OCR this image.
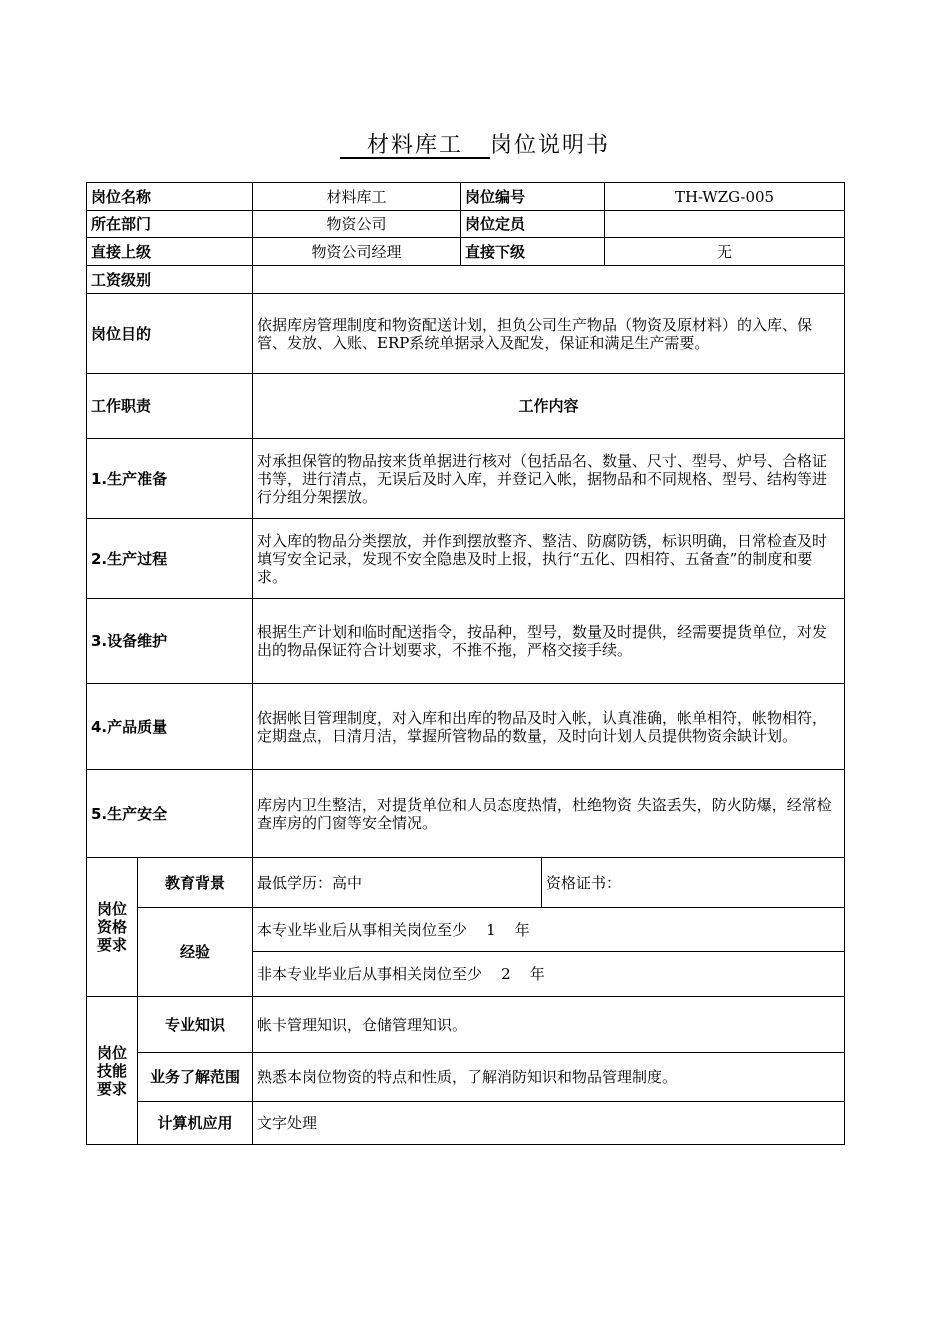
材料库工 岗位说明书
岗位名称		材料库工	岗位编号		TH-WZG-005
所在部门		物资公司	岗位定员		
直接上级		物资公司经理	直接下级		无
工资级别					
岗位目的		依据库房管理制度和物资配送计划，担负公司生产物品（物资及原材料）的入库、保管、发放、入账、ERP系统单据录入及配发，保证和满足生产需要。			
工作职责		工作内容			
1.生产准备		对承担保管的物品按来货单据进行核对（包括品名、数量、尺寸、型号、炉号、合格证书等，进行清点，无误后及时入库，并登记入帐，据物品和不同规格、型号、结构等进行分组分架摆放。			
2.生产过程		对入库的物品分类摆放，并作到摆放整齐、整洁、防腐防锈，标识明确，日常检查及时填写安全记录，发现不安全隐患及时上报，执行“五化、四相符、五备查”的制度和要求。			
3.设备维护		根据生产计划和临时配送指令，按品种，型号，数量及时提供，经需要提货单位，对发出的物品保证符合计划要求，不推不拖，严格交接手续。			
4.产品质量		依据帐目管理制度，对入库和出库的物品及时入帐，认真准确，帐单相符，帐物相符，定期盘点，日清月洁，掌握所管物品的数量，及时向计划人员提供物资余缺计划。			
5.生产安全		库房内卫生整洁，对提货单位和人员态度热情，杜绝物资 失盗丢失，防火防爆，经常检查库房的门窗等安全情况。			
岗位资格要求	教育背景	最低学历：高中		资格证书：	
	经验	本专业毕业后从事相关岗位至少    1    年			
		非本专业毕业后从事相关岗位至少    2    年			
岗位技能要求	专业知识	帐卡管理知识，仓储管理知识。			
	业务了解范围	熟悉本岗位物资的特点和性质，了解消防知识和物品管理制度。			
	计算机应用	文字处理			
